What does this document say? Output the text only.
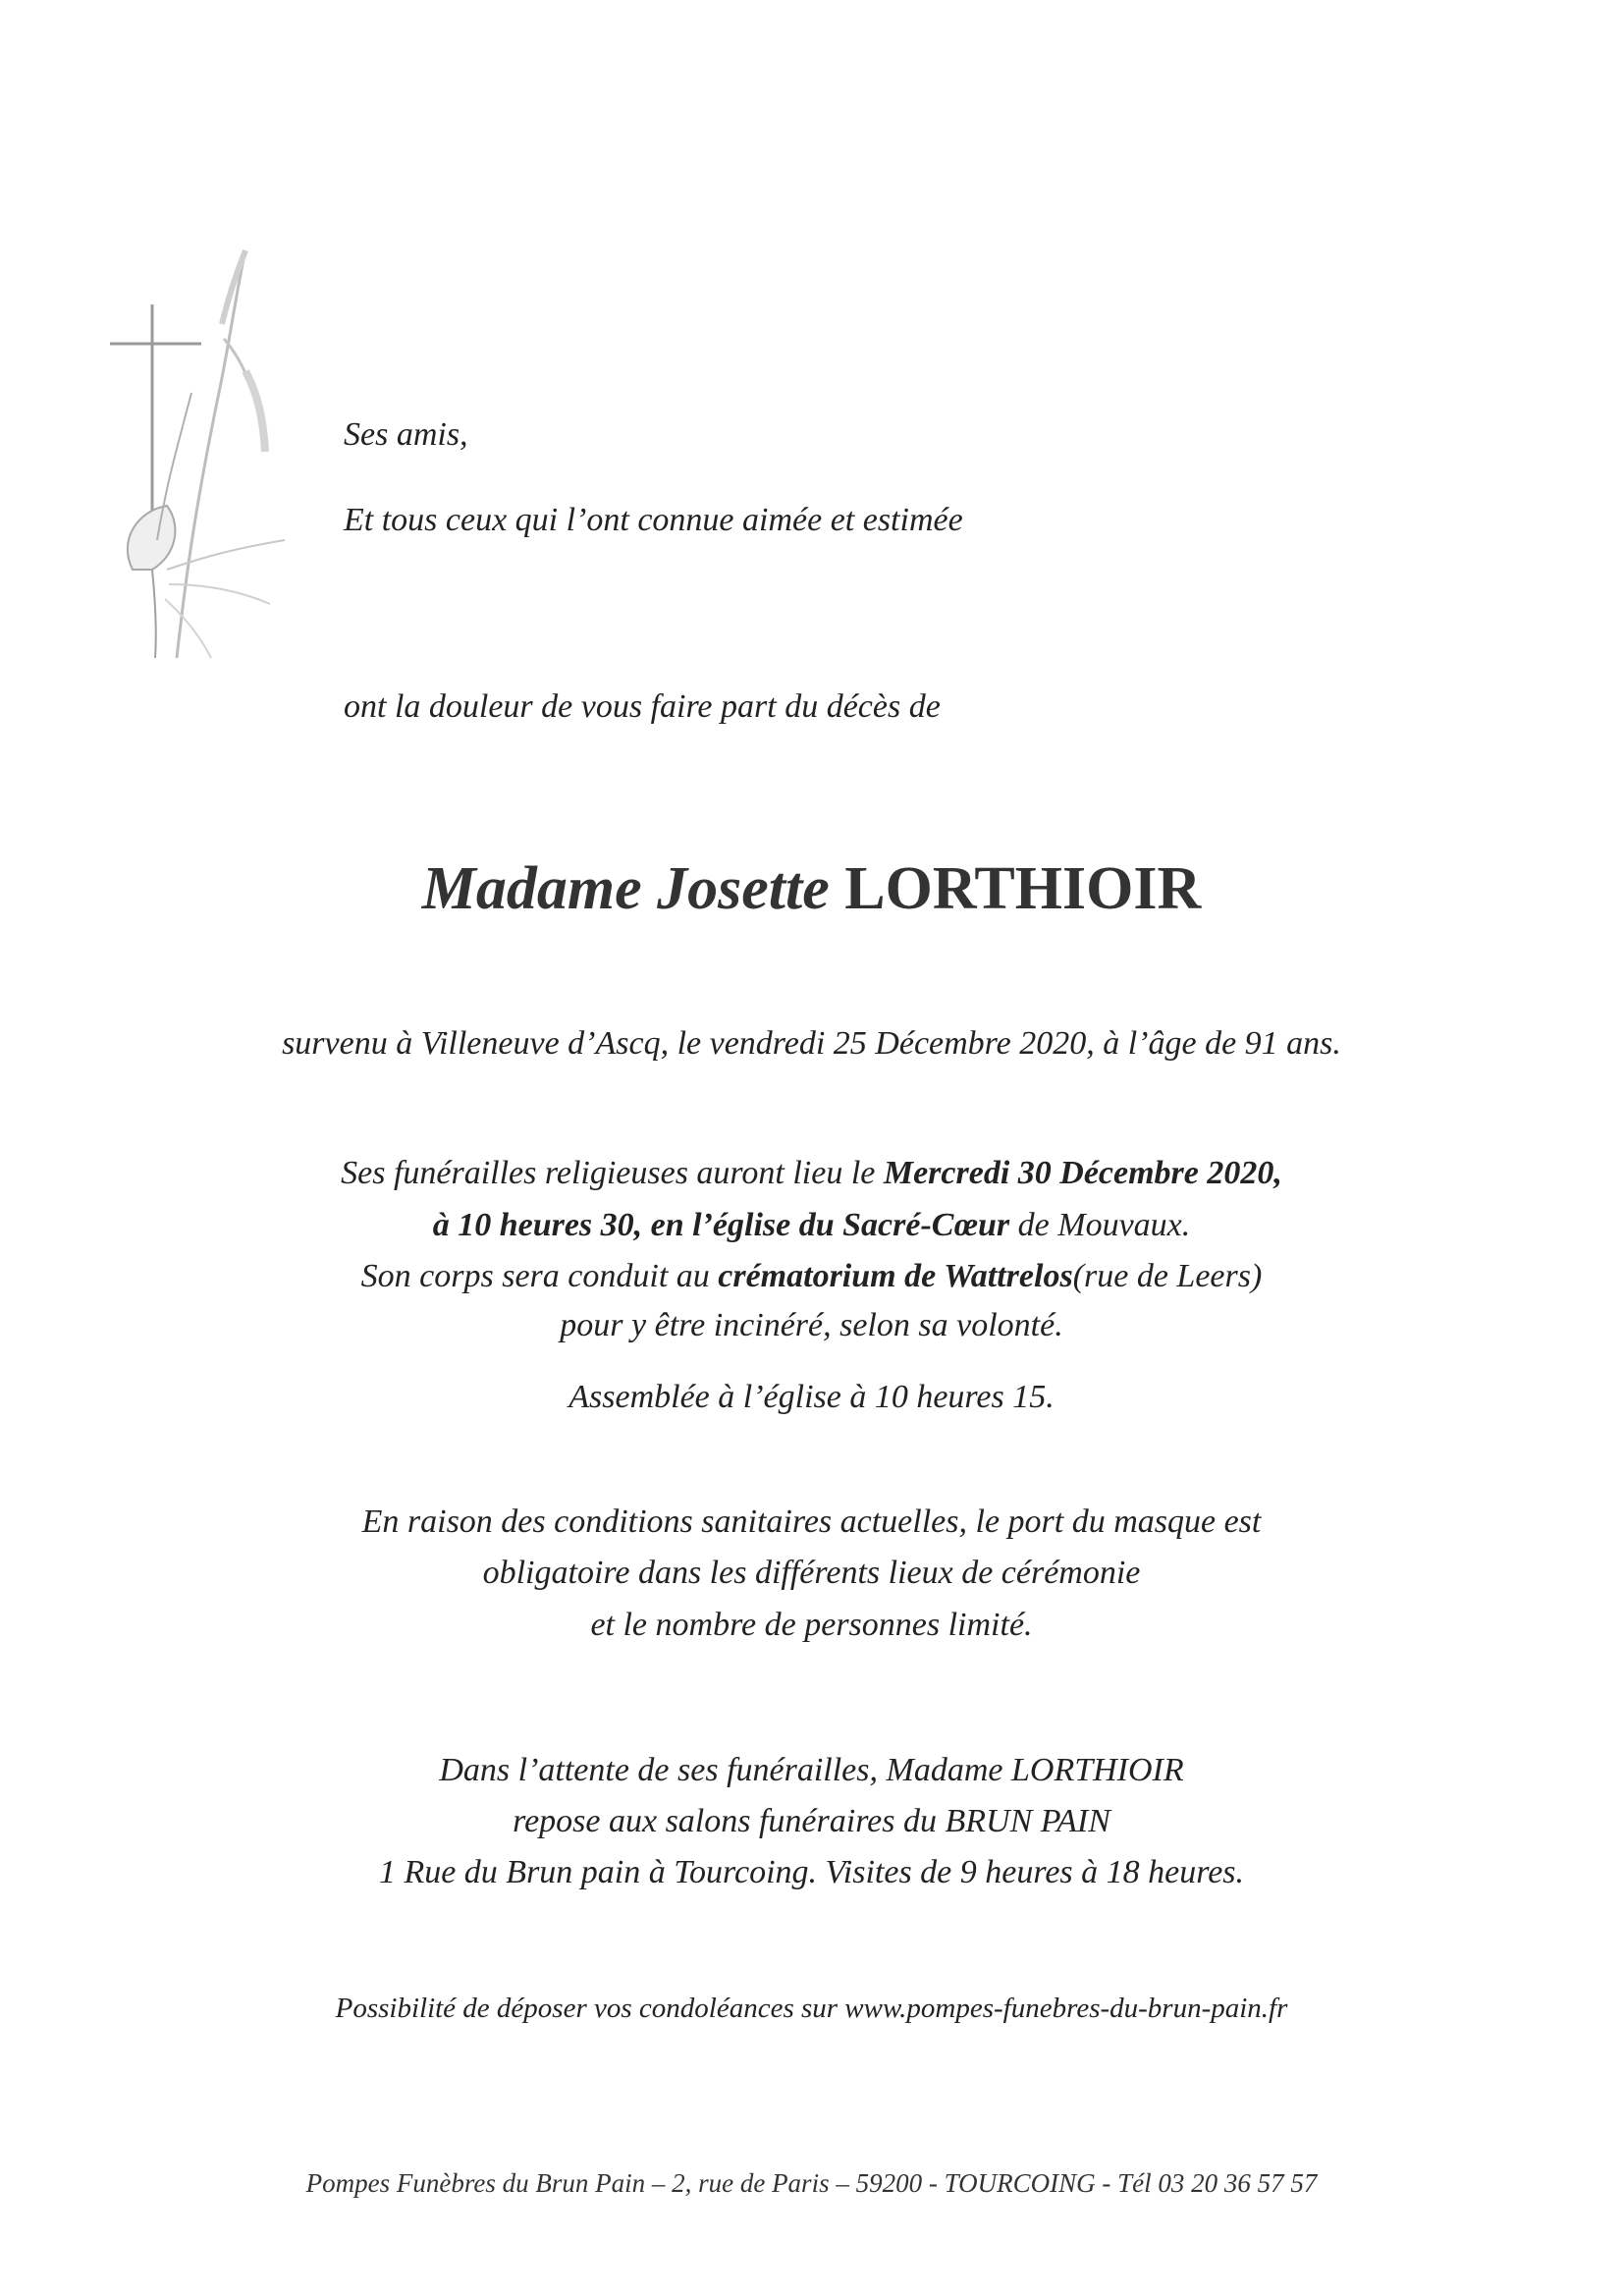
Ses amis,

Et tous ceux qui l’ont connue aimée et estimée

ont la douleur de vous faire part du décès de

Madame Josette LORTHIOIR

survenu à Villeneuve d’Ascq, le vendredi 25 Décembre 2020, à l’âge de 91 ans.

Ses funérailles religieuses auront lieu le Mercredi 30 Décembre 2020,

à 10 heures 30, en l’église du Sacré-Cœur de Mouvaux.

Son corps sera conduit au crématorium de Wattrelos(rue de Leers)

pour y être incinéré, selon sa volonté.

Assemblée à l’église à 10 heures 15.

En raison des conditions sanitaires actuelles, le port du masque est

obligatoire dans les différents lieux de cérémonie

et le nombre de personnes limité.

Dans l’attente de ses funérailles, Madame LORTHIOIR

repose aux salons funéraires du BRUN PAIN

1 Rue du Brun pain à Tourcoing. Visites de 9 heures à 18 heures.

Possibilité de déposer vos condoléances sur www.pompes-funebres-du-brun-pain.fr

Pompes Funèbres du Brun Pain – 2, rue de Paris – 59200 - TOURCOING - Tél 03 20 36 57 57
